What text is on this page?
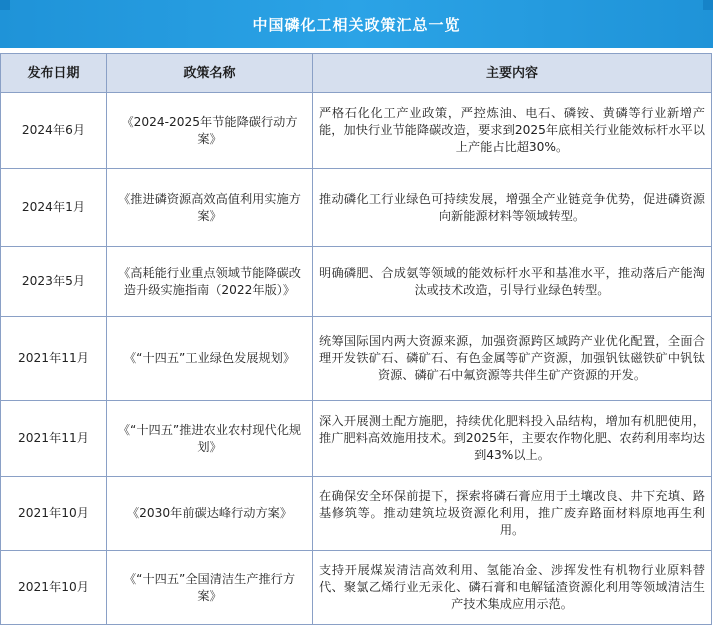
中国磷化工相关政策汇总一览
发布日期	政策名称	主要内容
2024年6月	《2024-2025年节能降碳行动方案》	严格石化化工产业政策，严控炼油、电石、磷铵、黄磷等行业新增产能，加快行业节能降碳改造，要求到2025年底相关行业能效标杆水平以上产能占比超30%。
2024年1月	《推进磷资源高效高值利用实施方案》	推动磷化工行业绿色可持续发展，增强全产业链竞争优势，促进磷资源向新能源材料等领域转型。
2023年5月	《高耗能行业重点领域节能降碳改造升级实施指南（2022年版）》	明确磷肥、合成氨等领域的能效标杆水平和基准水平，推动落后产能淘汰或技术改造，引导行业绿色转型。
2021年11月	《“十四五”工业绿色发展规划》	统筹国际国内两大资源来源，加强资源跨区域跨产业优化配置，全面合理开发铁矿石、磷矿石、有色金属等矿产资源，加强钒钛磁铁矿中钒钛资源、磷矿石中氟资源等共伴生矿产资源的开发。
2021年11月	《“十四五”推进农业农村现代化规划》	深入开展测土配方施肥，持续优化肥料投入品结构，增加有机肥使用，推广肥料高效施用技术。到2025年，主要农作物化肥、农药利用率均达到43%以上。
2021年10月	《2030年前碳达峰行动方案》	在确保安全环保前提下，探索将磷石膏应用于土壤改良、井下充填、路基修筑等。推动建筑垃圾资源化利用，推广废弃路面材料原地再生利用。
2021年10月	《“十四五”全国清洁生产推行方案》	支持开展煤炭清洁高效利用、氢能冶金、涉挥发性有机物行业原料替代、聚氯乙烯行业无汞化、磷石膏和电解锰渣资源化利用等领域清洁生产技术集成应用示范。
